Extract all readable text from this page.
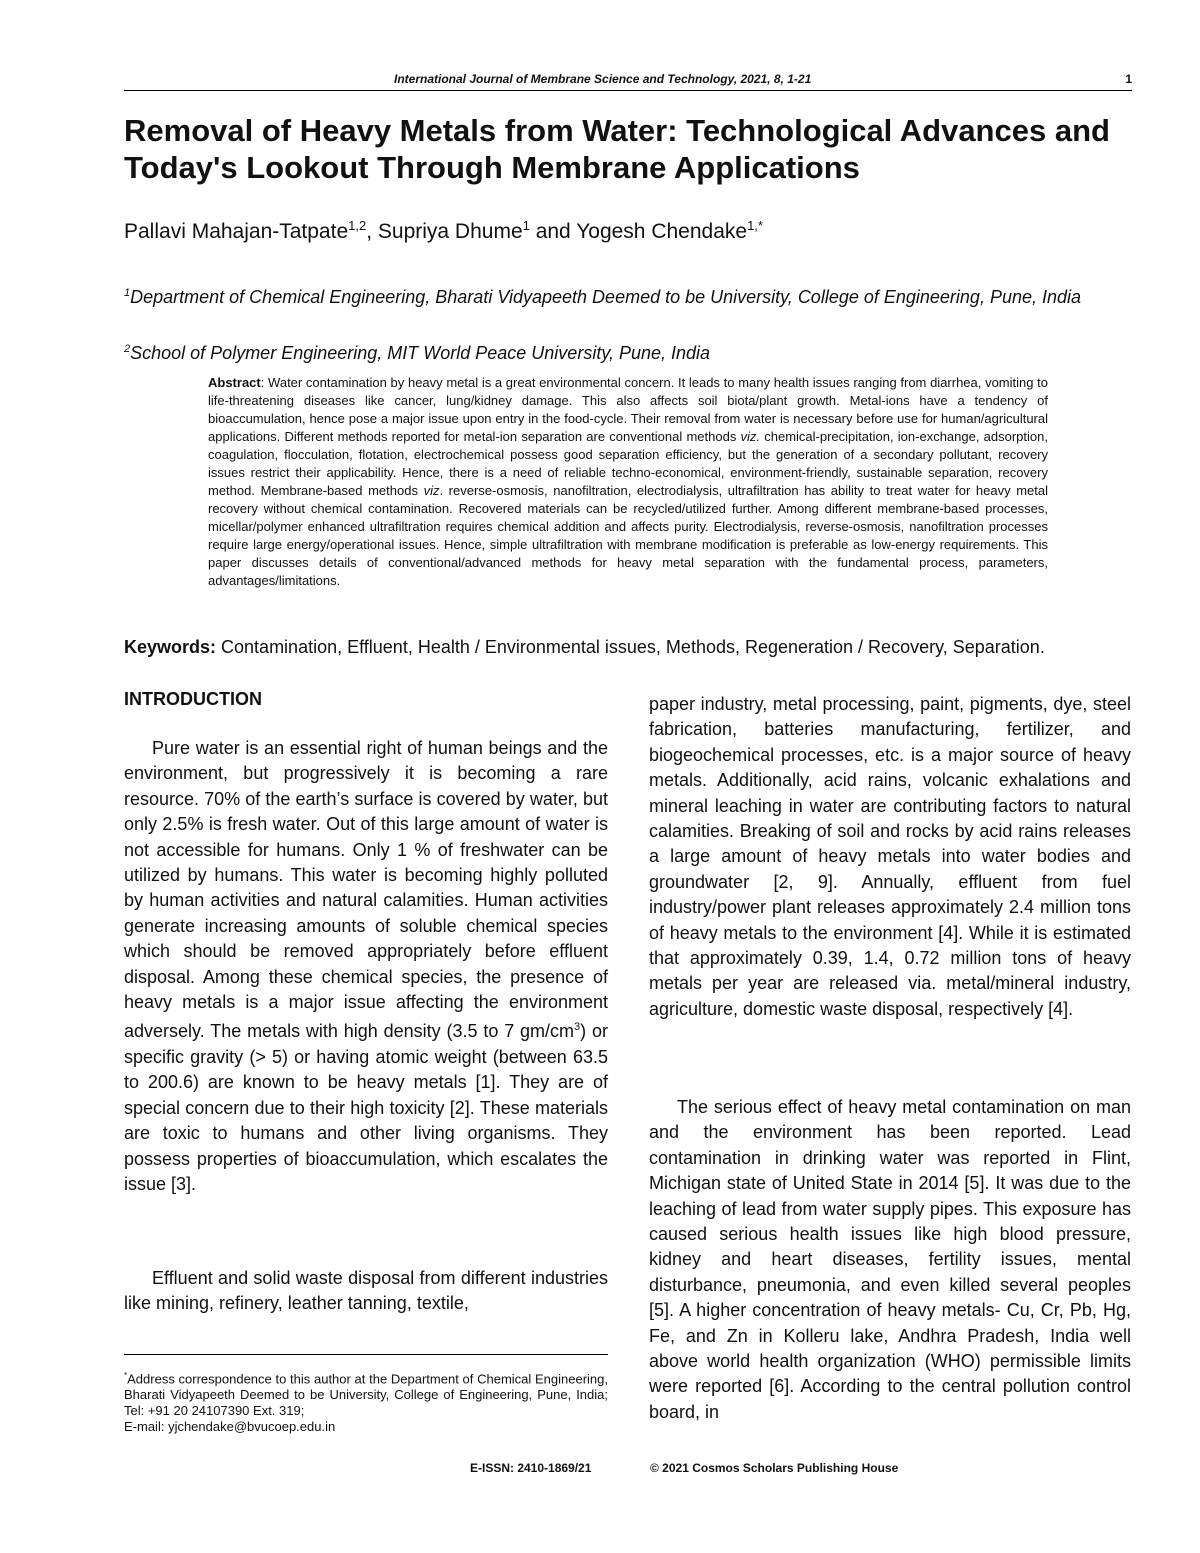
International Journal of Membrane Science and Technology, 2021, 8, 1-21	1
Removal of Heavy Metals from Water: Technological Advances and Today's Lookout Through Membrane Applications
Pallavi Mahajan-Tatpate$^{1,2}$, Supriya Dhume$^1$ and Yogesh Chendake$^{1,*}$
$^1$Department of Chemical Engineering, Bharati Vidyapeeth Deemed to be University, College of Engineering, Pune, India
$^2$School of Polymer Engineering, MIT World Peace University, Pune, India

Abstract: Water contamination by heavy metal is a great environmental concern. It leads to many health issues ranging from diarrhea, vomiting to life-threatening diseases like cancer, lung/kidney damage. This also affects soil biota/plant growth. Metal-ions have a tendency of bioaccumulation, hence pose a major issue upon entry in the food-cycle. Their removal from water is necessary before use for human/agricultural applications. Different methods reported for metal-ion separation are conventional methods viz. chemical-precipitation, ion-exchange, adsorption, coagulation, flocculation, flotation, electrochemical possess good separation efficiency, but the generation of a secondary pollutant, recovery issues restrict their applicability. Hence, there is a need of reliable techno-economical, environment-friendly, sustainable separation, recovery method. Membrane-based methods viz. reverse-osmosis, nanofiltration, electrodialysis, ultrafiltration has ability to treat water for heavy metal recovery without chemical contamination. Recovered materials can be recycled/utilized further. Among different membrane-based processes, micellar/polymer enhanced ultrafiltration requires chemical addition and affects purity. Electrodialysis, reverse-osmosis, nanofiltration processes require large energy/operational issues. Hence, simple ultrafiltration with membrane modification is preferable as low-energy requirements. This paper discusses details of conventional/advanced methods for heavy metal separation with the fundamental process, parameters, advantages/limitations.

Keywords: Contamination, Effluent, Health / Environmental issues, Methods, Regeneration / Recovery, Separation.
INTRODUCTION

Pure water is an essential right of human beings and the environment, but progressively it is becoming a rare resource. 70% of the earth’s surface is covered by water, but only 2.5% is fresh water. Out of this large amount of water is not accessible for humans. Only 1 % of freshwater can be utilized by humans. This water is becoming highly polluted by human activities and natural calamities. Human activities generate increasing amounts of soluble chemical species which should be removed appropriately before effluent disposal. Among these chemical species, the presence of heavy metals is a major issue affecting the environment adversely. The metals with high density (3.5 to 7 $gm/cm^3$) or specific gravity (> 5) or having atomic weight (between 63.5 to 200.6) are known to be heavy metals [1]. They are of special concern due to their high toxicity [2]. These materials are toxic to humans and other living organisms. They possess properties of bioaccumulation, which escalates the issue [3].

Effluent and solid waste disposal from different industries like mining, refinery, leather tanning, textile,

*Address correspondence to this author at the Department of Chemical Engineering, Bharati Vidyapeeth Deemed to be University, College of Engineering, Pune, India; Tel: +91 20 24107390 Ext. 319;
E-mail: yjchendake@bvucoep.edu.in

paper industry, metal processing, paint, pigments, dye, steel fabrication, batteries manufacturing, fertilizer, and biogeochemical processes, etc. is a major source of heavy metals. Additionally, acid rains, volcanic exhalations and mineral leaching in water are contributing factors to natural calamities. Breaking of soil and rocks by acid rains releases a large amount of heavy metals into water bodies and groundwater [2, 9]. Annually, effluent from fuel industry/power plant releases approximately 2.4 million tons of heavy metals to the environment [4]. While it is estimated that approximately 0.39, 1.4, 0.72 million tons of heavy metals per year are released via. metal/mineral industry, agriculture, domestic waste disposal, respectively [4].

The serious effect of heavy metal contamination on man and the environment has been reported. Lead contamination in drinking water was reported in Flint, Michigan state of United State in 2014 [5]. It was due to the leaching of lead from water supply pipes. This exposure has caused serious health issues like high blood pressure, kidney and heart diseases, fertility issues, mental disturbance, pneumonia, and even killed several peoples [5]. A higher concentration of heavy metals- Cu, Cr, Pb, Hg, Fe, and Zn in Kolleru lake, Andhra Pradesh, India well above world health organization (WHO) permissible limits were reported [6]. According to the central pollution control board, in

E-ISSN: 2410-1869/21	© 2021 Cosmos Scholars Publishing House
